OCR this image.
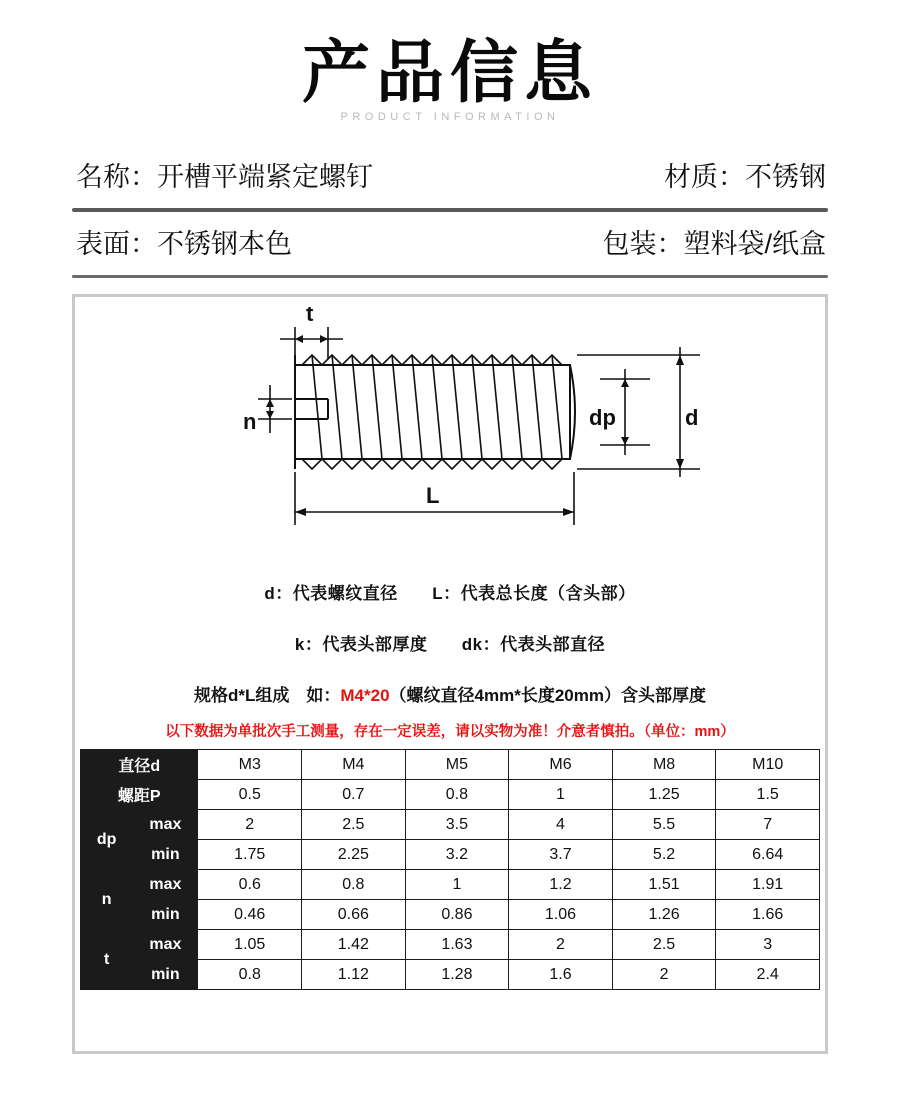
产品信息
PRODUCT INFORMATION
名称：开槽平端紧定螺钉	材质：不锈钢
表面：不锈钢本色	包装：塑料袋/纸盒
t
n	dp	d
L
d：代表螺纹直径 L：代表总长度（含头部）
k：代表头部厚度 dk：代表头部直径
规格d*L组成　如：M4*20（螺纹直径4mm*长度20mm）含头部厚度
以下数据为单批次手工测量，存在一定误差，请以实物为准！介意者慎拍。（单位：mm）
直径d		M3	M4	M5	M6	M8	M10
螺距P		0.5	0.7	0.8	1	1.25	1.5
dp	max	2	2.5	3.5	4	5.5	7
	min	1.75	2.25	3.2	3.7	5.2	6.64
n	max	0.6	0.8	1	1.2	1.51	1.91
	min	0.46	0.66	0.86	1.06	1.26	1.66
t	max	1.05	1.42	1.63	2	2.5	3
	min	0.8	1.12	1.28	1.6	2	2.4
